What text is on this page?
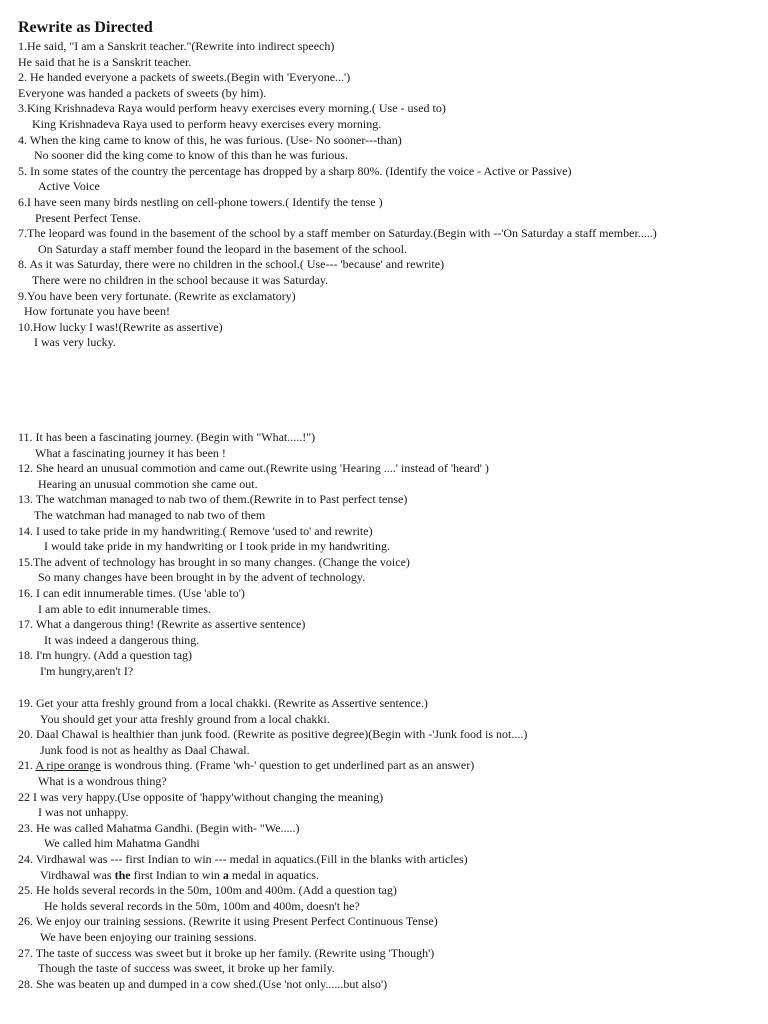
Rewrite as Directed
1.He said, "I am a Sanskrit teacher."(Rewrite into indirect speech)
He said that he is a Sanskrit teacher.
2. He handed everyone a packets of sweets.(Begin with 'Everyone...')
Everyone was handed a packets of sweets (by him).
3.King Krishnadeva Raya would perform heavy exercises every morning.( Use - used to)
King Krishnadeva Raya used to perform heavy exercises every morning.
4. When the king came to know of this, he was furious. (Use- No sooner---than)
No sooner did the king come to know of this than he was furious.
5. In some states of the country the percentage has dropped by a sharp 80%. (Identify the voice - Active or Passive)
Active Voice
6.I have seen many birds nestling on cell-phone towers.( Identify the tense )
Present Perfect Tense.
7.The leopard was found in the basement of the school by a staff member on Saturday.(Begin with --'On Saturday a staff member.....)
On Saturday a staff member found the leopard in the basement of the school.
8. As it was Saturday, there were no children in the school.( Use--- 'because' and rewrite)
There were no children in the school because it was Saturday.
9.You have been very fortunate. (Rewrite as exclamatory)
How fortunate you have been!
10.How lucky I was!(Rewrite as assertive)
I was very lucky.
11. It has been a fascinating journey. (Begin with "What.....!")
What a fascinating journey it has been !
12. She heard an unusual commotion and came out.(Rewrite using 'Hearing ....' instead of 'heard' )
Hearing an unusual commotion she came out.
13. The watchman managed to nab two of them.(Rewrite in to Past perfect tense)
The watchman had managed to nab two of them
14. I used to take pride in my handwriting.( Remove 'used to' and rewrite)
I would take pride in my handwriting or I took pride in my handwriting.
15.The advent of technology has brought in so many changes. (Change the voice)
So many changes have been brought in by the advent of technology.
16. I can edit innumerable times. (Use 'able to')
I am able to edit innumerable times.
17. What a dangerous thing! (Rewrite as assertive sentence)
It was indeed a dangerous thing.
18. I'm hungry. (Add a question tag)
I'm hungry,aren't I?
19. Get your atta freshly ground from a local chakki. (Rewrite as Assertive sentence.)
You should get your atta freshly ground from a local chakki.
20. Daal Chawal is healthier than junk food. (Rewrite as positive degree)(Begin with -'Junk food is not....)
Junk food is not as healthy as Daal Chawal.
21. A ripe orange is wondrous thing. (Frame 'wh-' question to get underlined part as an answer)
What is a wondrous thing?
22 I was very happy.(Use opposite of 'happy'without changing the meaning)
I was not unhappy.
23. He was called Mahatma Gandhi. (Begin with- "We.....)
We called him Mahatma Gandhi
24. Virdhawal was --- first Indian to win --- medal in aquatics.(Fill in the blanks with articles)
Virdhawal was the first Indian to win a medal in aquatics.
25. He holds several records in the 50m, 100m and 400m. (Add a question tag)
He holds several records in the 50m, 100m and 400m, doesn't he?
26. We enjoy our training sessions. (Rewrite it using Present Perfect Continuous Tense)
We have been enjoying our training sessions.
27. The taste of success was sweet but it broke up her family. (Rewrite using 'Though')
Though the taste of success was sweet, it broke up her family.
28. She was beaten up and dumped in a cow shed.(Use 'not only......but also')
